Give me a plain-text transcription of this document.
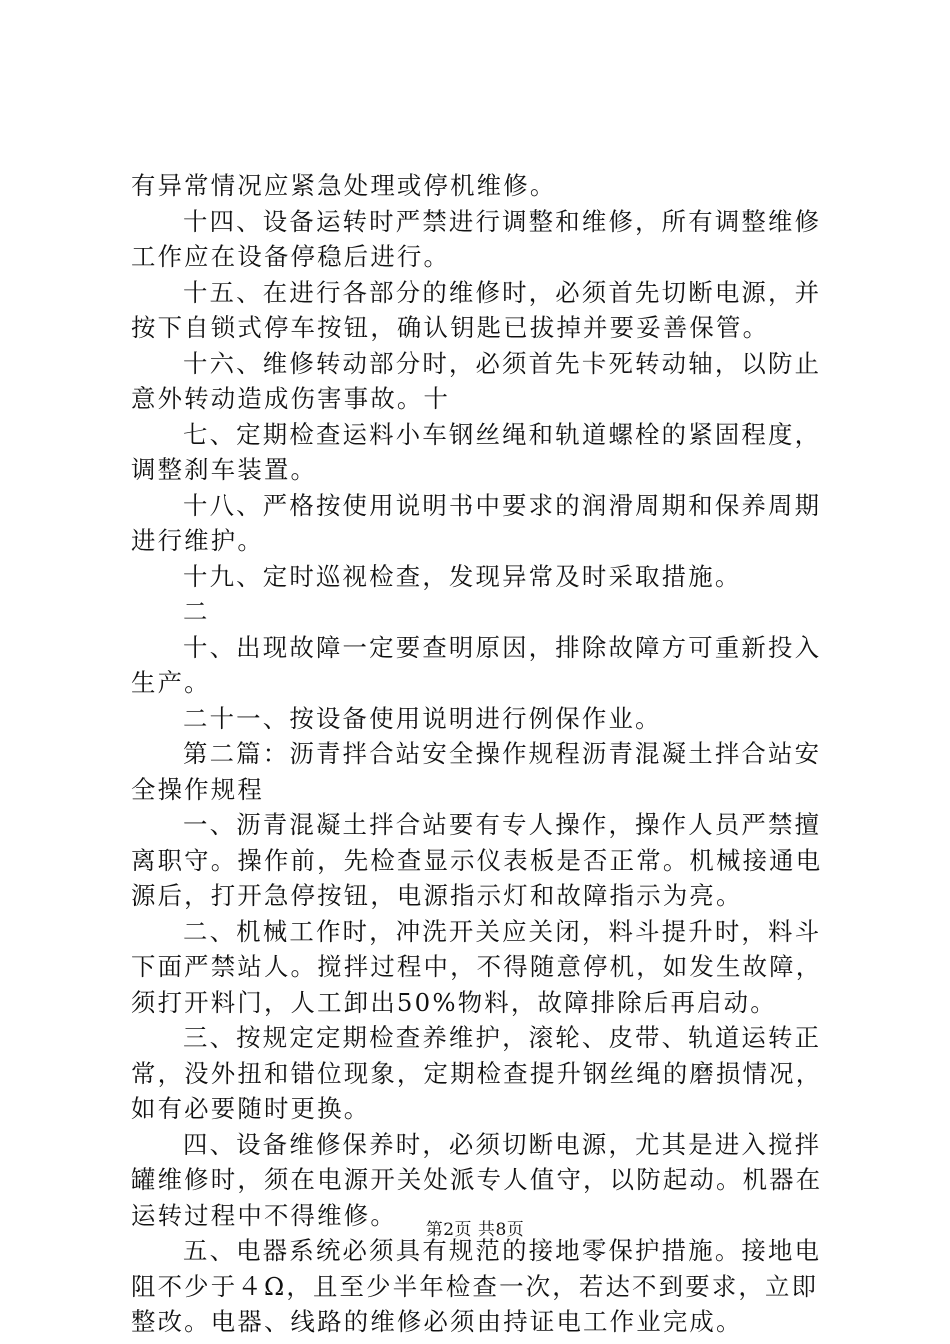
有异常情况应紧急处理或停机维修。

十四、设备运转时严禁进行调整和维修，所有调整维修工作应在设备停稳后进行。

十五、在进行各部分的维修时，必须首先切断电源，并按下自锁式停车按钮，确认钥匙已拔掉并要妥善保管。

十六、维修转动部分时，必须首先卡死转动轴，以防止意外转动造成伤害事故。十

七、定期检查运料小车钢丝绳和轨道螺栓的紧固程度，调整刹车装置。

十八、严格按使用说明书中要求的润滑周期和保养周期进行维护。

十九、定时巡视检查，发现异常及时采取措施。

二

十、出现故障一定要查明原因，排除故障方可重新投入生产。

二十一、按设备使用说明进行例保作业。

第二篇：沥青拌合站安全操作规程沥青混凝土拌合站安全操作规程

一、沥青混凝土拌合站要有专人操作，操作人员严禁擅离职守。操作前，先检查显示仪表板是否正常。机械接通电源后，打开急停按钮，电源指示灯和故障指示为亮。

二、机械工作时，冲洗开关应关闭，料斗提升时，料斗下面严禁站人。搅拌过程中，不得随意停机，如发生故障，须打开料门，人工卸出50%物料，故障排除后再启动。

三、按规定定期检查养维护，滚轮、皮带、轨道运转正常，没外扭和错位现象，定期检查提升钢丝绳的磨损情况，如有必要随时更换。

四、设备维修保养时，必须切断电源，尤其是进入搅拌罐维修时，须在电源开关处派专人值守，以防起动。机器在运转过程中不得维修。

五、电器系统必须具有规范的接地零保护措施。接地电阻不少于４Ω，且至少半年检查一次，若达不到要求，立即整改。电器、线路的维修必须由持证电工作业完成。

第2页 共8页
